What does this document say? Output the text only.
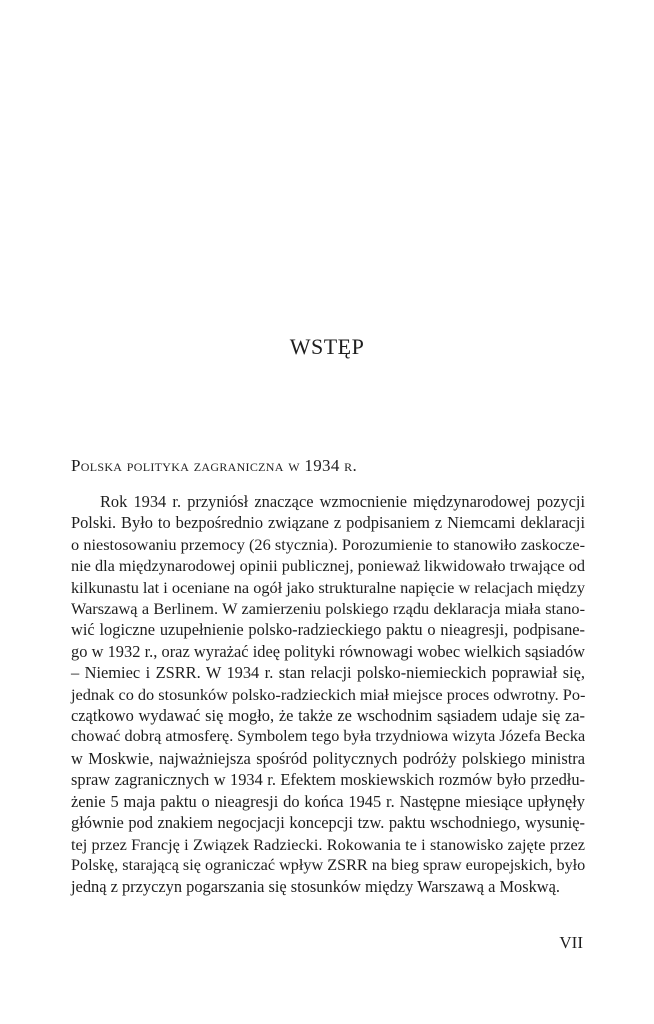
WSTĘP
Polska polityka zagraniczna w 1934 r.

Rok 1934 r. przyniósł znaczące wzmocnienie międzynarodowej pozycji
Polski. Było to bezpośrednio związane z podpisaniem z Niemcami deklaracji
o niestosowaniu przemocy (26 stycznia). Porozumienie to stanowiło zaskocze-
nie dla międzynarodowej opinii publicznej, ponieważ likwidowało trwające od
kilkunastu lat i oceniane na ogół jako strukturalne napięcie w relacjach między
Warszawą a Berlinem. W zamierzeniu polskiego rządu deklaracja miała stano-
wić logiczne uzupełnienie polsko-radzieckiego paktu o nieagresji, podpisane-
go w 1932 r., oraz wyrażać ideę polityki równowagi wobec wielkich sąsiadów
– Niemiec i ZSRR. W 1934 r. stan relacji polsko-niemieckich poprawiał się,
jednak co do stosunków polsko-radzieckich miał miejsce proces odwrotny. Po-
czątkowo wydawać się mogło, że także ze wschodnim sąsiadem udaje się za-
chować dobrą atmosferę. Symbolem tego była trzydniowa wizyta Józefa Becka
w Moskwie, najważniejsza spośród politycznych podróży polskiego ministra
spraw zagranicznych w 1934 r. Efektem moskiewskich rozmów było przedłu-
żenie 5 maja paktu o nieagresji do końca 1945 r. Następne miesiące upłynęły
głównie pod znakiem negocjacji koncepcji tzw. paktu wschodniego, wysunię-
tej przez Francję i Związek Radziecki. Rokowania te i stanowisko zajęte przez
Polskę, starającą się ograniczać wpływ ZSRR na bieg spraw europejskich, było
jedną z przyczyn pogarszania się stosunków między Warszawą a Moskwą.

VII
